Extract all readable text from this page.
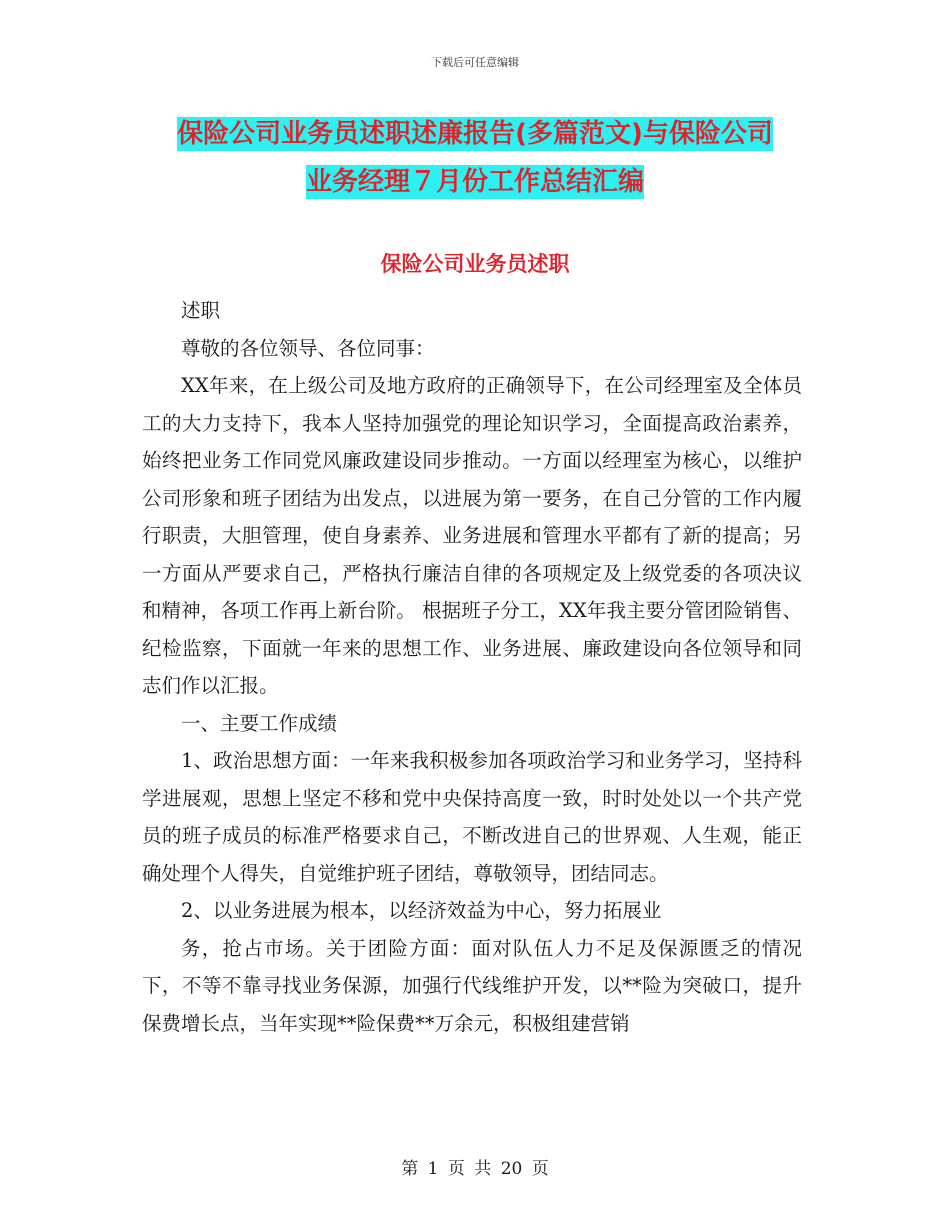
下载后可任意编辑
保险公司业务员述职述廉报告(多篇范文)与保险公司
业务经理７月份工作总结汇编
保险公司业务员述职

述职

尊敬的各位领导、各位同事：

XX年来，在上级公司及地方政府的正确领导下，在公司经理室及全体员工的大力支持下，我本人坚持加强党的理论知识学习，全面提高政治素养，始终把业务工作同党风廉政建设同步推动。一方面以经理室为核心，以维护公司形象和班子团结为出发点，以进展为第一要务，在自己分管的工作内履行职责，大胆管理，使自身素养、业务进展和管理水平都有了新的提高；另一方面从严要求自己，严格执行廉洁自律的各项规定及上级党委的各项决议和精神，各项工作再上新台阶。 根据班子分工，XX年我主要分管团险销售、纪检监察，下面就一年来的思想工作、业务进展、廉政建设向各位领导和同志们作以汇报。

一、主要工作成绩

1、政治思想方面：一年来我积极参加各项政治学习和业务学习，坚持科学进展观，思想上坚定不移和党中央保持高度一致，时时处处以一个共产党员的班子成员的标准严格要求自己，不断改进自己的世界观、人生观，能正确处理个人得失，自觉维护班子团结，尊敬领导，团结同志。

2、以业务进展为根本，以经济效益为中心，努力拓展业

务，抢占市场。关于团险方面：面对队伍人力不足及保源匮乏的情况下，不等不靠寻找业务保源，加强行代线维护开发，以**险为突破口，提升保费增长点，当年实现**险保费**万余元，积极组建营销

第 1 页 共 20 页
